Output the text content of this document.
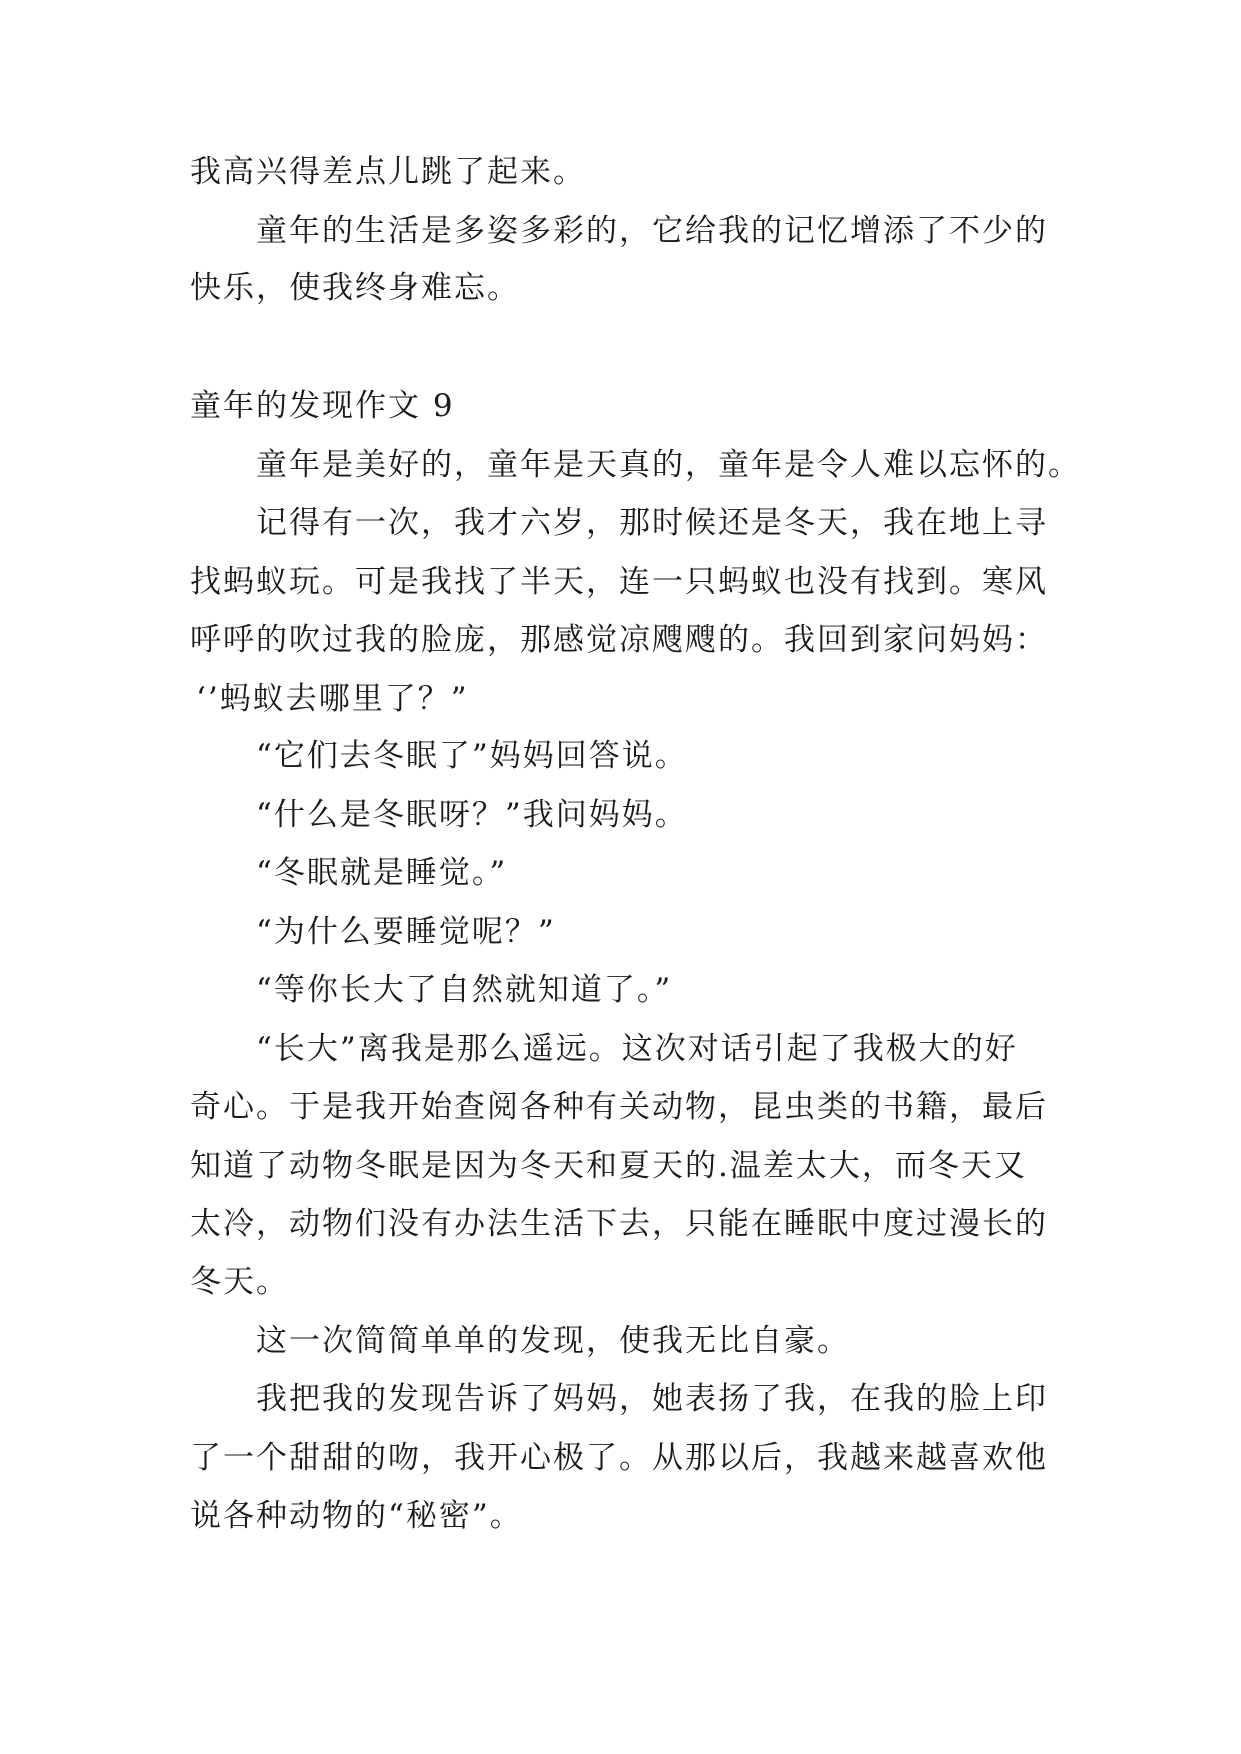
我高兴得差点儿跳了起来。
童年的生活是多姿多彩的，它给我的记忆增添了不少的
快乐，使我终身难忘。
童年的发现作文 9
童年是美好的，童年是天真的，童年是令人难以忘怀的。
记得有一次，我才六岁，那时候还是冬天，我在地上寻
找蚂蚁玩。可是我找了半天，连一只蚂蚁也没有找到。寒风
呼呼的吹过我的脸庞，那感觉凉飕飕的。我回到家问妈妈：
‘’蚂蚁去哪里了？”
“它们去冬眠了”妈妈回答说。
“什么是冬眠呀？”我问妈妈。
“冬眠就是睡觉。”
“为什么要睡觉呢？”
“等你长大了自然就知道了。”
“长大”离我是那么遥远。这次对话引起了我极大的好
奇心。于是我开始查阅各种有关动物，昆虫类的书籍，最后
知道了动物冬眠是因为冬天和夏天的.温差太大，而冬天又
太冷，动物们没有办法生活下去，只能在睡眠中度过漫长的
冬天。
这一次简简单单的发现，使我无比自豪。
我把我的发现告诉了妈妈，她表扬了我，在我的脸上印
了一个甜甜的吻，我开心极了。从那以后，我越来越喜欢他
说各种动物的“秘密”。
